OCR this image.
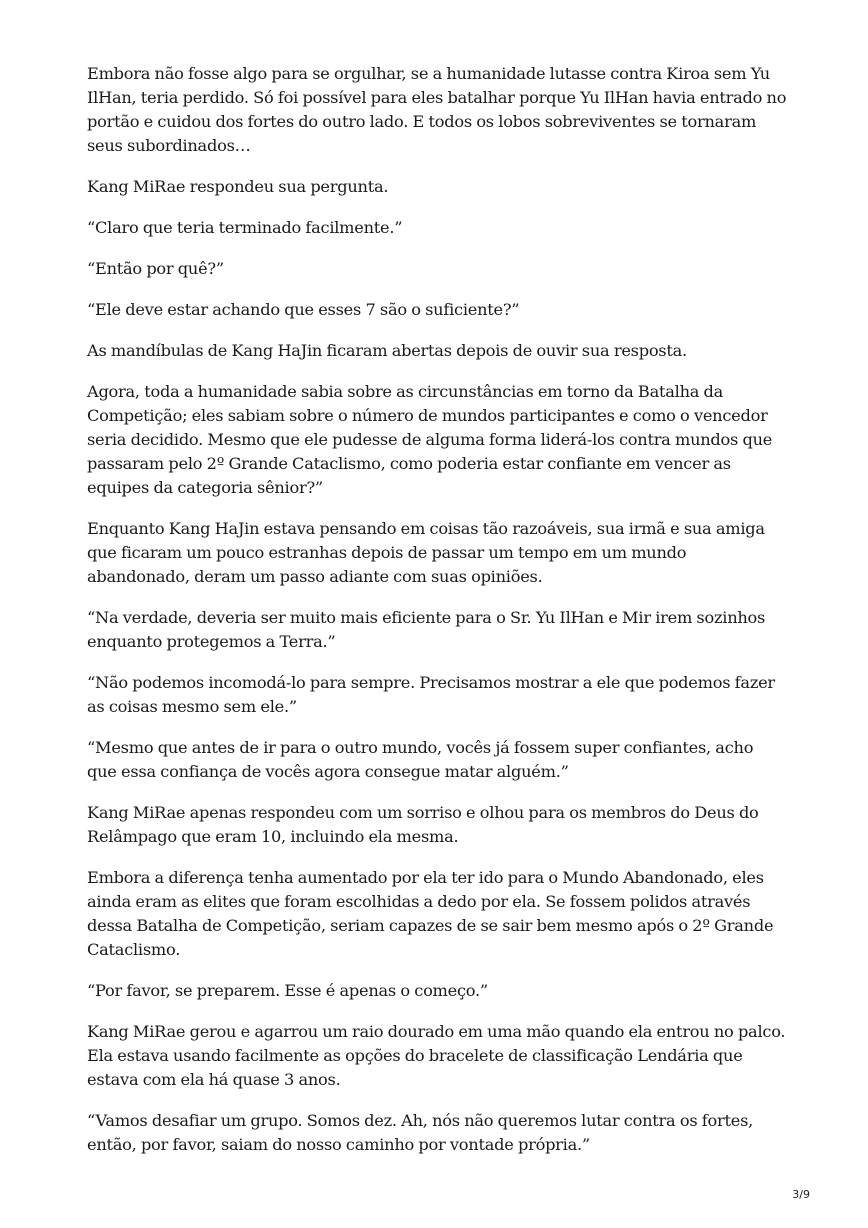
Embora não fosse algo para se orgulhar, se a humanidade lutasse contra Kiroa sem Yu IlHan, teria perdido. Só foi possível para eles batalhar porque Yu IlHan havia entrado no portão e cuidou dos fortes do outro lado. E todos os lobos sobreviventes se tornaram seus subordinados…

Kang MiRae respondeu sua pergunta.

“Claro que teria terminado facilmente.”

“Então por quê?”

“Ele deve estar achando que esses 7 são o suficiente?”

As mandíbulas de Kang HaJin ficaram abertas depois de ouvir sua resposta.

Agora, toda a humanidade sabia sobre as circunstâncias em torno da Batalha da Competição; eles sabiam sobre o número de mundos participantes e como o vencedor seria decidido. Mesmo que ele pudesse de alguma forma liderá-los contra mundos que passaram pelo 2º Grande Cataclismo, como poderia estar confiante em vencer as equipes da categoria sênior?”

Enquanto Kang HaJin estava pensando em coisas tão razoáveis, sua irmã e sua amiga que ficaram um pouco estranhas depois de passar um tempo em um mundo abandonado, deram um passo adiante com suas opiniões.

“Na verdade, deveria ser muito mais eficiente para o Sr. Yu IlHan e Mir irem sozinhos enquanto protegemos a Terra.”

“Não podemos incomodá-lo para sempre. Precisamos mostrar a ele que podemos fazer as coisas mesmo sem ele.”

“Mesmo que antes de ir para o outro mundo, vocês já fossem super confiantes, acho que essa confiança de vocês agora consegue matar alguém.”

Kang MiRae apenas respondeu com um sorriso e olhou para os membros do Deus do Relâmpago que eram 10, incluindo ela mesma.

Embora a diferença tenha aumentado por ela ter ido para o Mundo Abandonado, eles ainda eram as elites que foram escolhidas a dedo por ela. Se fossem polidos através dessa Batalha de Competição, seriam capazes de se sair bem mesmo após o 2º Grande Cataclismo.

“Por favor, se preparem. Esse é apenas o começo.”

Kang MiRae gerou e agarrou um raio dourado em uma mão quando ela entrou no palco. Ela estava usando facilmente as opções do bracelete de classificação Lendária que estava com ela há quase 3 anos.

“Vamos desafiar um grupo. Somos dez. Ah, nós não queremos lutar contra os fortes, então, por favor, saiam do nosso caminho por vontade própria.”

3/9
